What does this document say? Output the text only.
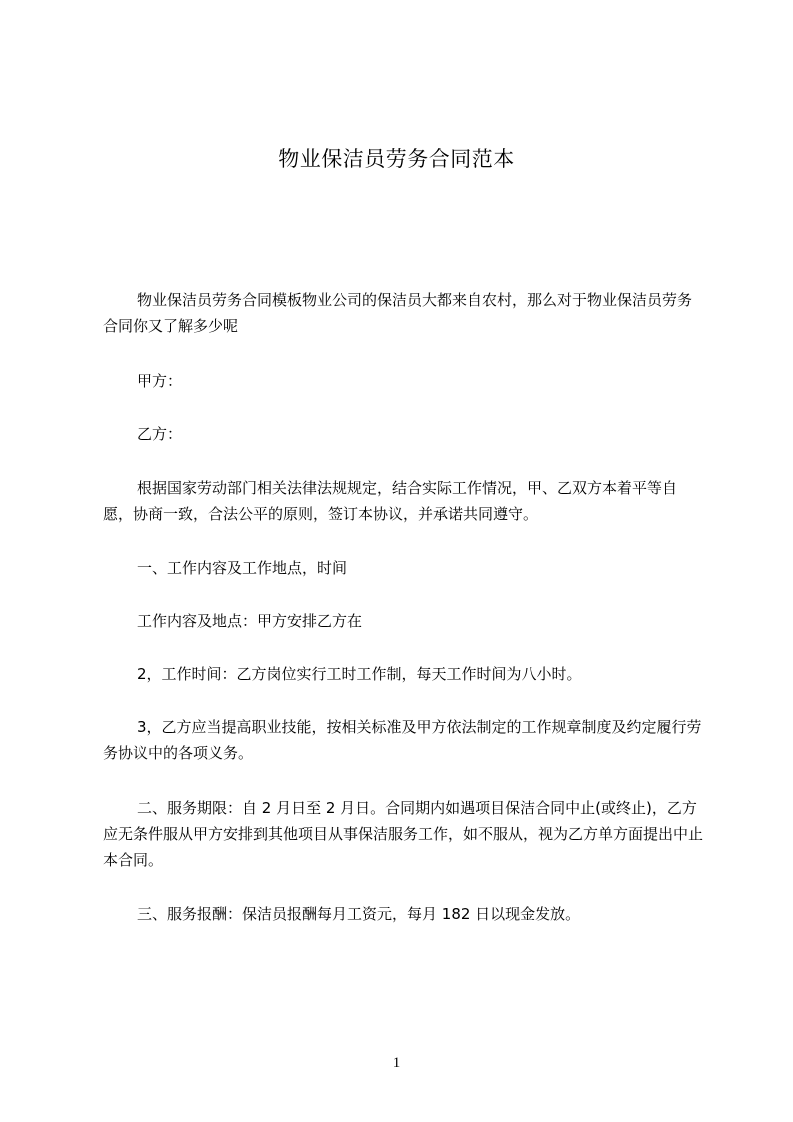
物业保洁员劳务合同范本

物业保洁员劳务合同模板物业公司的保洁员大都来自农村，那么对于物业保洁员劳务合同你又了解多少呢

甲方：

乙方：

根据国家劳动部门相关法律法规规定，结合实际工作情况，甲、乙双方本着平等自愿，协商一致，合法公平的原则，签订本协议，并承诺共同遵守。

一、工作内容及工作地点，时间

工作内容及地点：甲方安排乙方在

2，工作时间：乙方岗位实行工时工作制，每天工作时间为八小时。

3，乙方应当提高职业技能，按相关标准及甲方依法制定的工作规章制度及约定履行劳务协议中的各项义务。

二、服务期限：自 2 月日至 2 月日。合同期内如遇项目保洁合同中止(或终止)，乙方应无条件服从甲方安排到其他项目从事保洁服务工作，如不服从，视为乙方单方面提出中止本合同。

三、服务报酬：保洁员报酬每月工资元，每月 182 日以现金发放。

1
